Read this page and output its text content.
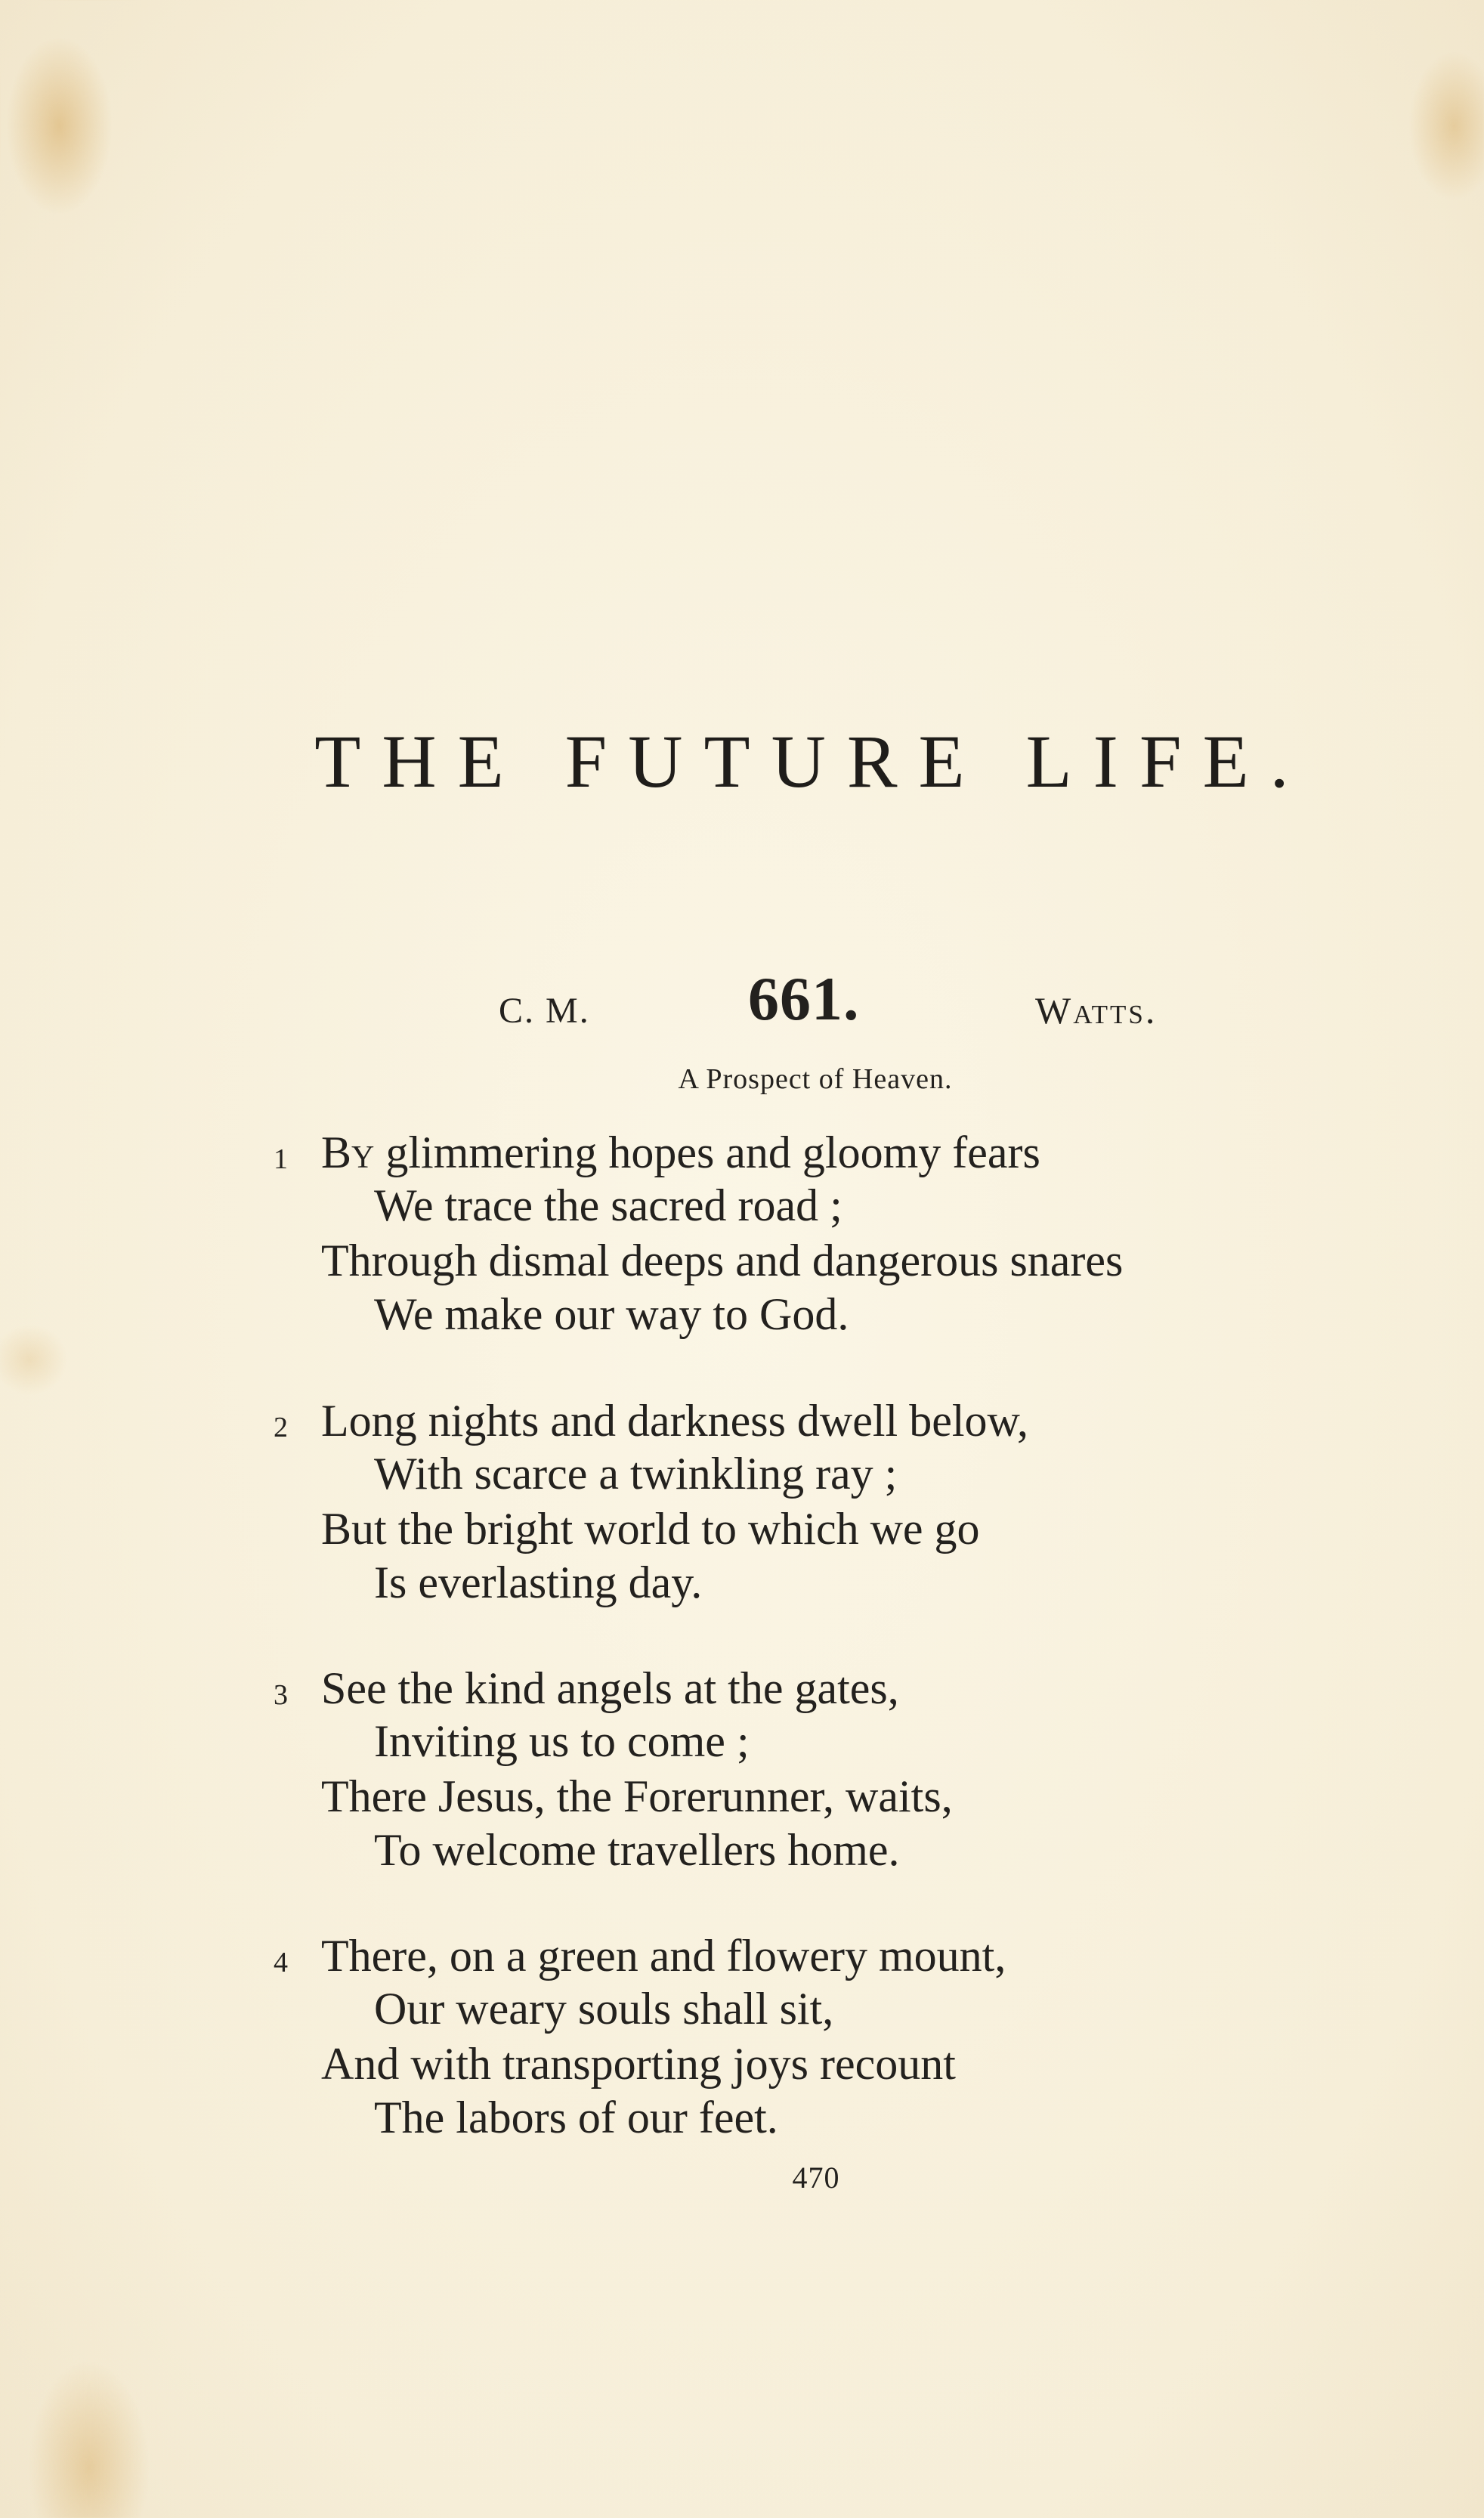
THE FUTURE LIFE.
C. M.	661.	Watts.
A Prospect of Heaven.
1 By glimmering hopes and gloomy fears
We trace the sacred road ;
Through dismal deeps and dangerous snares
We make our way to God.
2 Long nights and darkness dwell below,
With scarce a twinkling ray ;
But the bright world to which we go
Is everlasting day.
3 See the kind angels at the gates,
Inviting us to come ;
There Jesus, the Forerunner, waits,
To welcome travellers home.
4 There, on a green and flowery mount,
Our weary souls shall sit,
And with transporting joys recount
The labors of our feet.
470
